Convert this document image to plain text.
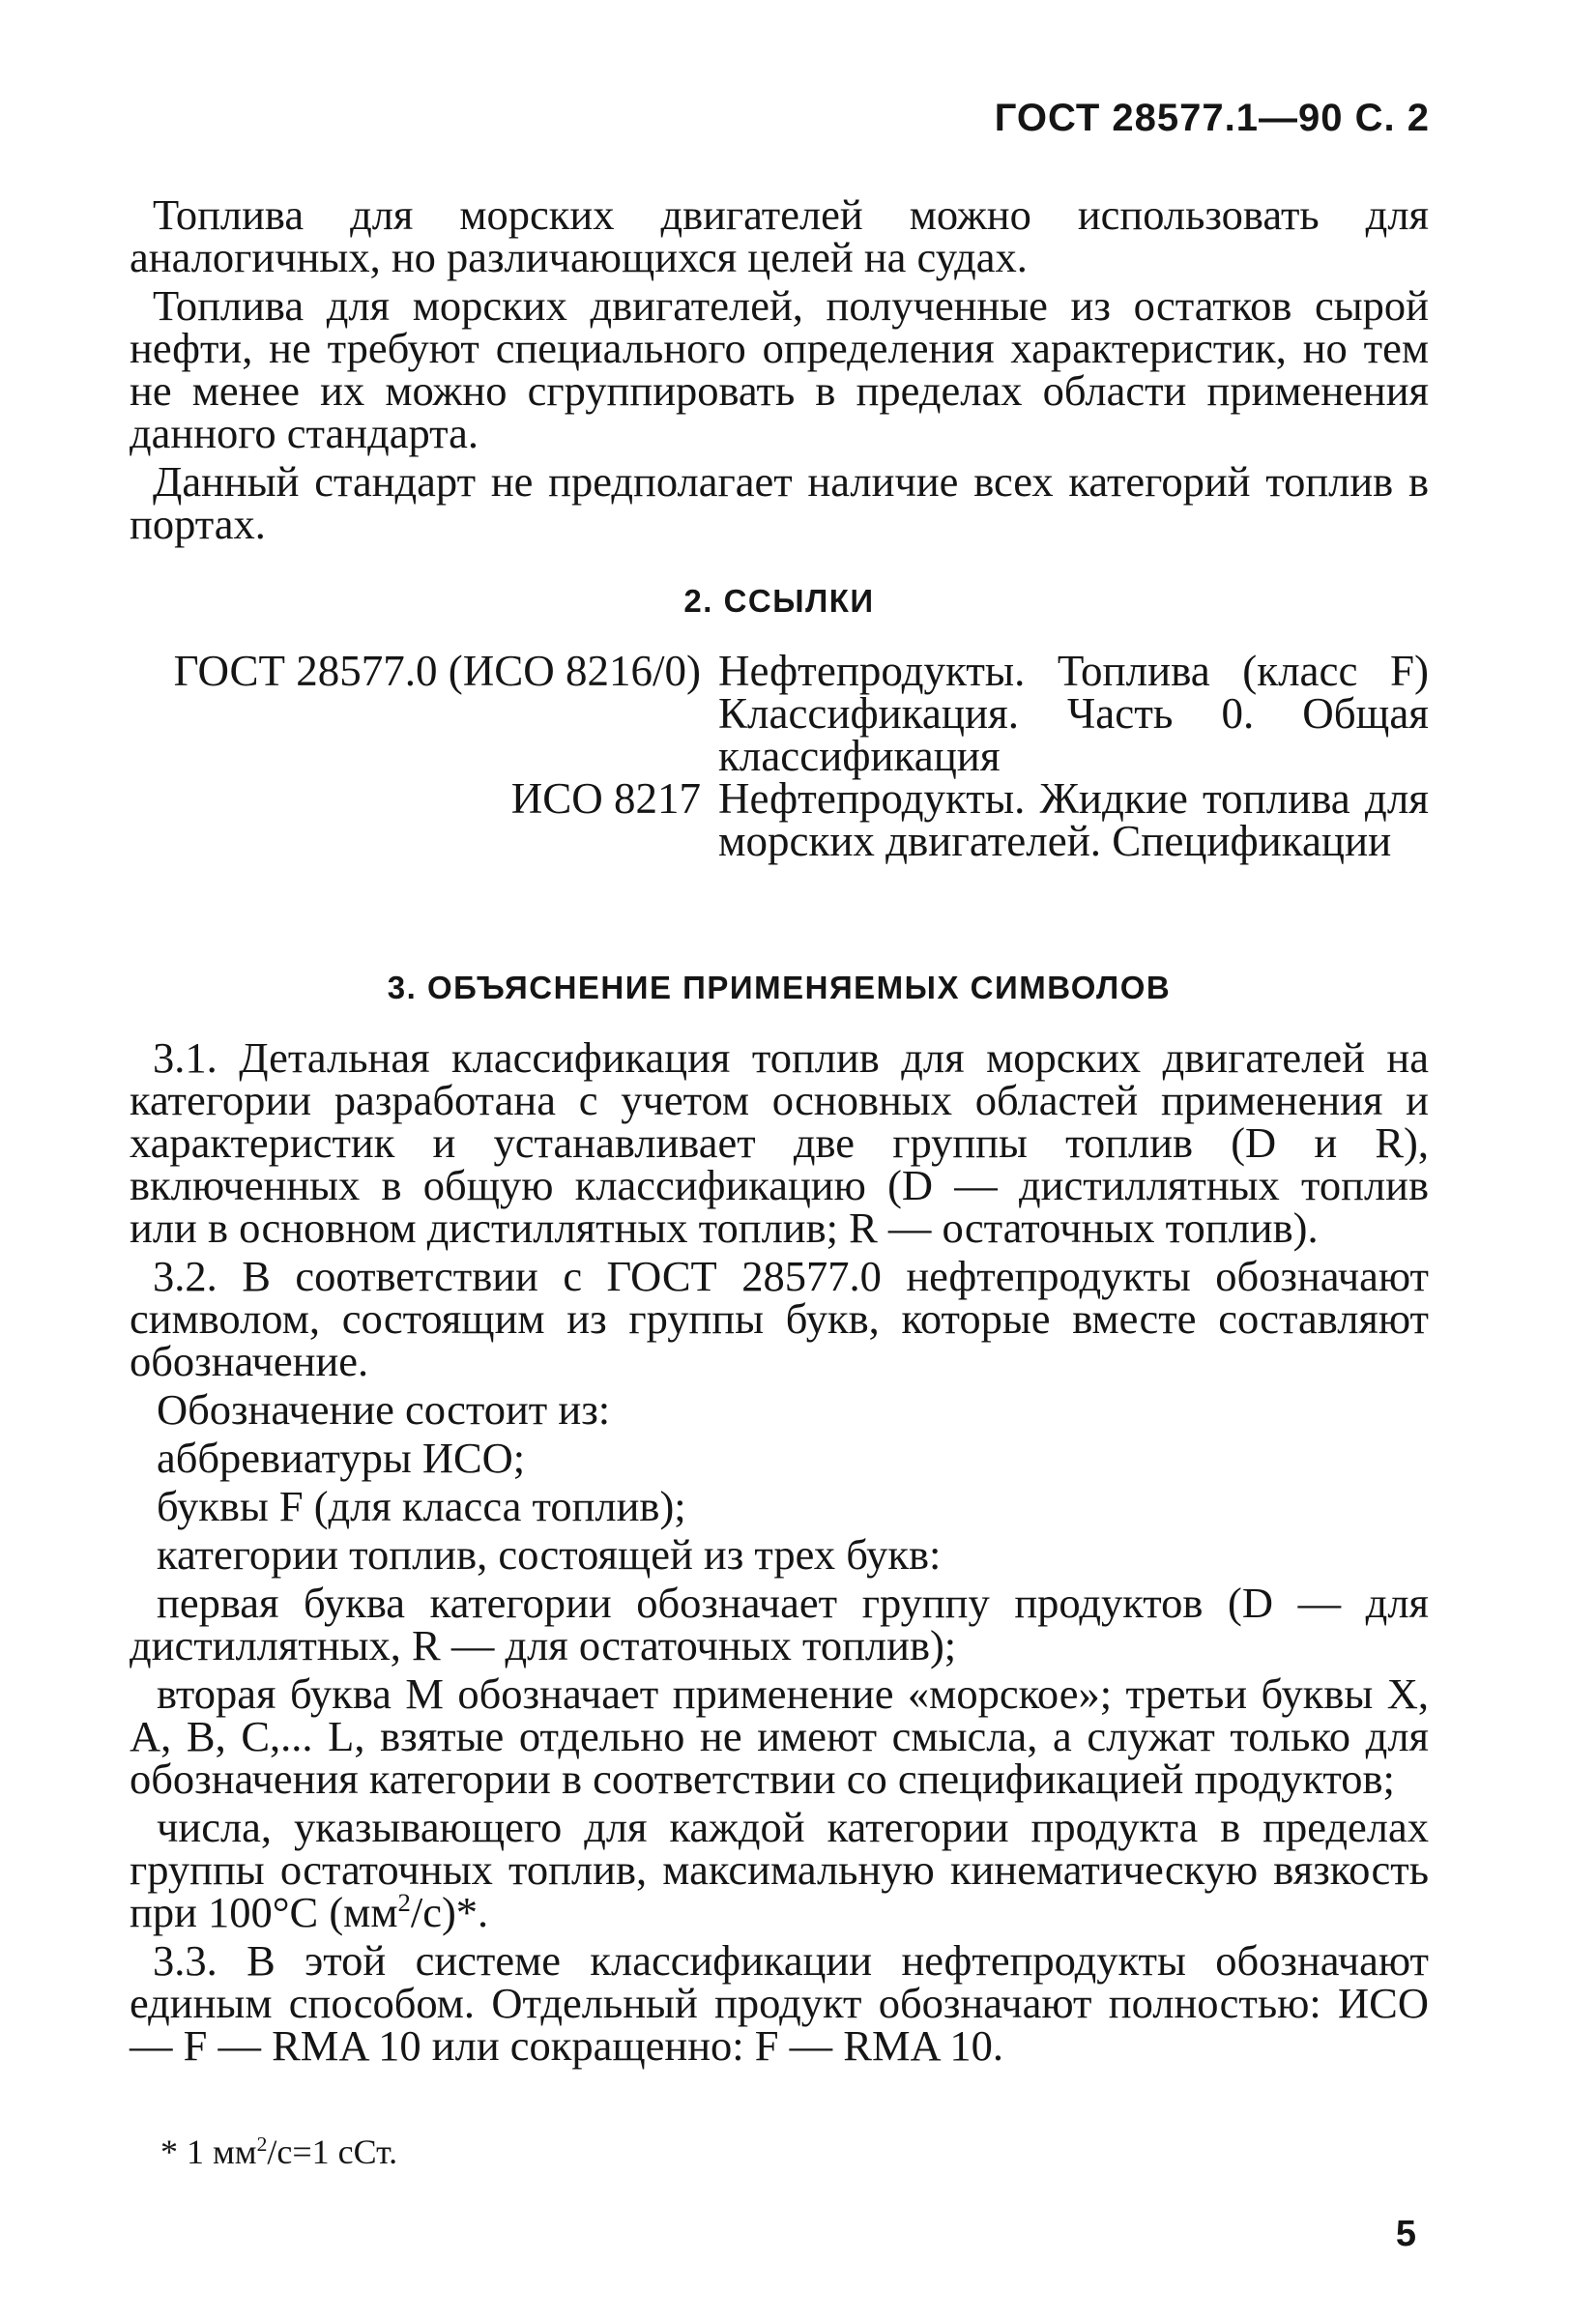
ГОСТ 28577.1—90 С. 2

Топлива для морских двигателей можно использовать для аналогичных, но различающихся целей на судах.

Топлива для морских двигателей, полученные из остатков сырой нефти, не требуют специального определения характеристик, но тем не менее их можно сгруппировать в пределах области применения данного стандарта.

Данный стандарт не предполагает наличие всех категорий топлив в портах.

2. ССЫЛКИ
ГОСТ 28577.0 (ИСО 8216/0) Нефтепродукты. Топлива (класс F) Классификация. Часть 0. Общая классификация
ИСО 8217 Нефтепродукты. Жидкие топлива для морских двигателей. Спецификации
3. ОБЪЯСНЕНИЕ ПРИМЕНЯЕМЫХ СИМВОЛОВ

3.1. Детальная классификация топлив для морских двигателей на категории разработана с учетом основных областей применения и характеристик и устанавливает две группы топлив (D и R), включенных в общую классификацию (D — дистиллятных топлив или в основном дистиллятных топлив; R — остаточных топлив).

3.2. В соответствии с ГОСТ 28577.0 нефтепродукты обозначают символом, состоящим из группы букв, которые вместе составляют обозначение.

Обозначение состоит из:

аббревиатуры ИСО;

буквы F (для класса топлив);

категории топлив, состоящей из трех букв:

первая буква категории обозначает группу продуктов (D — для дистиллятных, R — для остаточных топлив);

вторая буква M обозначает применение «морское»; третьи буквы X, A, B, C,... L, взятые отдельно не имеют смысла, а служат только для обозначения категории в соответствии со спецификацией продуктов;

числа, указывающего для каждой категории продукта в пределах группы остаточных топлив, максимальную кинематическую вязкость при 100°С $(мм^2/с)*$.

3.3. В этой системе классификации нефтепродукты обозначают единым способом. Отдельный продукт обозначают полностью: ИСО — F — RMA 10 или сокращенно: F — RMA 10.

* 1 $мм^2/с=1$ сСт.
5
